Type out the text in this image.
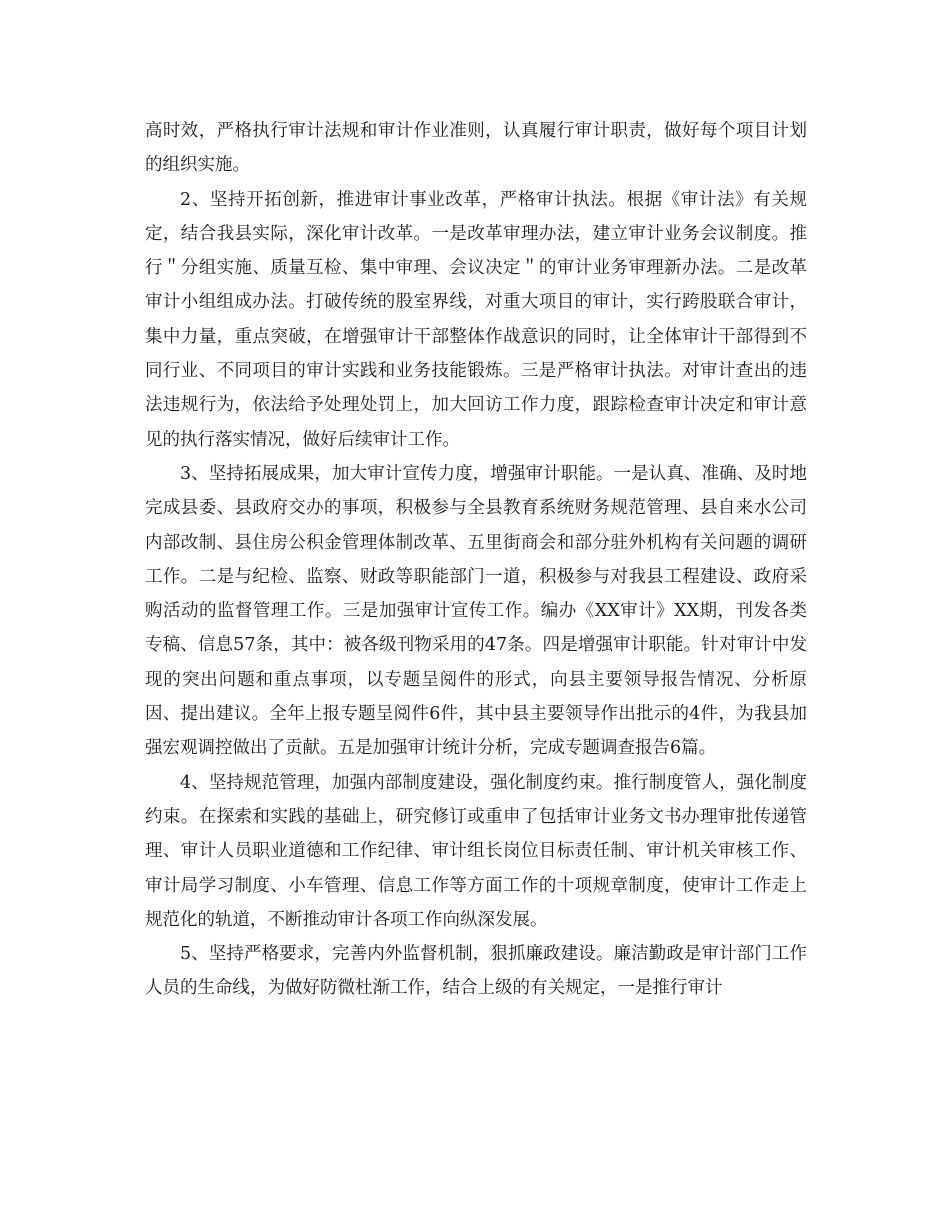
高时效，严格执行审计法规和审计作业准则，认真履行审计职责，做好每个项目计划的组织实施。

2、坚持开拓创新，推进审计事业改革，严格审计执法。根据《审计法》有关规定，结合我县实际，深化审计改革。一是改革审理办法，建立审计业务会议制度。推行＂分组实施、质量互检、集中审理、会议决定＂的审计业务审理新办法。二是改革审计小组组成办法。打破传统的股室界线，对重大项目的审计，实行跨股联合审计，集中力量，重点突破，在增强审计干部整体作战意识的同时，让全体审计干部得到不同行业、不同项目的审计实践和业务技能锻炼。三是严格审计执法。对审计查出的违法违规行为，依法给予处理处罚上，加大回访工作力度，跟踪检查审计决定和审计意见的执行落实情况，做好后续审计工作。

3、坚持拓展成果，加大审计宣传力度，增强审计职能。一是认真、准确、及时地完成县委、县政府交办的事项，积极参与全县教育系统财务规范管理、县自来水公司内部改制、县住房公积金管理体制改革、五里街商会和部分驻外机构有关问题的调研工作。二是与纪检、监察、财政等职能部门一道，积极参与对我县工程建设、政府采购活动的监督管理工作。三是加强审计宣传工作。编办《XX审计》XX期，刊发各类专稿、信息57条，其中：被各级刊物采用的47条。四是增强审计职能。针对审计中发现的突出问题和重点事项，以专题呈阅件的形式，向县主要领导报告情况、分析原因、提出建议。全年上报专题呈阅件6件，其中县主要领导作出批示的4件，为我县加强宏观调控做出了贡献。五是加强审计统计分析，完成专题调查报告6篇。

4、坚持规范管理，加强内部制度建设，强化制度约束。推行制度管人，强化制度约束。在探索和实践的基础上，研究修订或重申了包括审计业务文书办理审批传递管理、审计人员职业道德和工作纪律、审计组长岗位目标责任制、审计机关审核工作、审计局学习制度、小车管理、信息工作等方面工作的十项规章制度，使审计工作走上规范化的轨道，不断推动审计各项工作向纵深发展。

5、坚持严格要求，完善内外监督机制，狠抓廉政建设。廉洁勤政是审计部门工作人员的生命线，为做好防微杜渐工作，结合上级的有关规定，一是推行审计
